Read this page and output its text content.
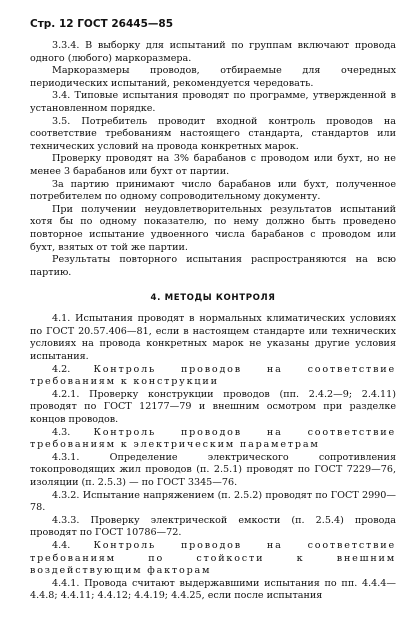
Стр. 12 ГОСТ 26445—85

3.3.4. В выборку для испытаний по группам включают провода одного (любого) маркоразмера.

Маркоразмеры проводов, отбираемые для очередных периодических испытаний, рекомендуется чередовать.

3.4. Типовые испытания проводят по программе, утвержденной в установленном порядке.

3.5. Потребитель проводит входной контроль проводов на соответствие требованиям настоящего стандарта, стандартов или технических условий на провода конкретных марок.

Проверку проводят на 3% барабанов с проводом или бухт, но не менее 3 барабанов или бухт от партии.

За партию принимают число барабанов или бухт, полученное потребителем по одному сопроводительному документу.

При получении неудовлетворительных результатов испытаний хотя бы по одному показателю, по нему должно быть проведено повторное испытание удвоенного числа барабанов с проводом или бухт, взятых от той же партии.

Результаты повторного испытания распространяются на всю партию.

4. МЕТОДЫ КОНТРОЛЯ

4.1. Испытания проводят в нормальных климатических условиях по ГОСТ 20.57.406—81, если в настоящем стандарте или технических условиях на провода конкретных марок не указаны другие условия испытания.

4.2. Контроль проводов на соответствие требованиям к конструкции

4.2.1. Проверку конструкции проводов (пп. 2.4.2—9; 2.4.11) проводят по ГОСТ 12177—79 и внешним осмотром при разделке концов проводов.

4.3. Контроль проводов на соответствие требованиям к электрическим параметрам

4.3.1. Определение электрического сопротивления токопроводящих жил проводов (п. 2.5.1) проводят по ГОСТ 7229—76, изоляции (п. 2.5.3) — по ГОСТ 3345—76.

4.3.2. Испытание напряжением (п. 2.5.2) проводят по ГОСТ 2990—78.

4.3.3. Проверку электрической емкости (п. 2.5.4) провода проводят по ГОСТ 10786—72.

4.4. Контроль проводов на соответствие требованиям по стойкости к внешним воздействующим факторам

4.4.1. Провода считают выдержавшими испытания по пп. 4.4.4—4.4.8; 4.4.11; 4.4.12; 4.4.19; 4.4.25, если после испытания
